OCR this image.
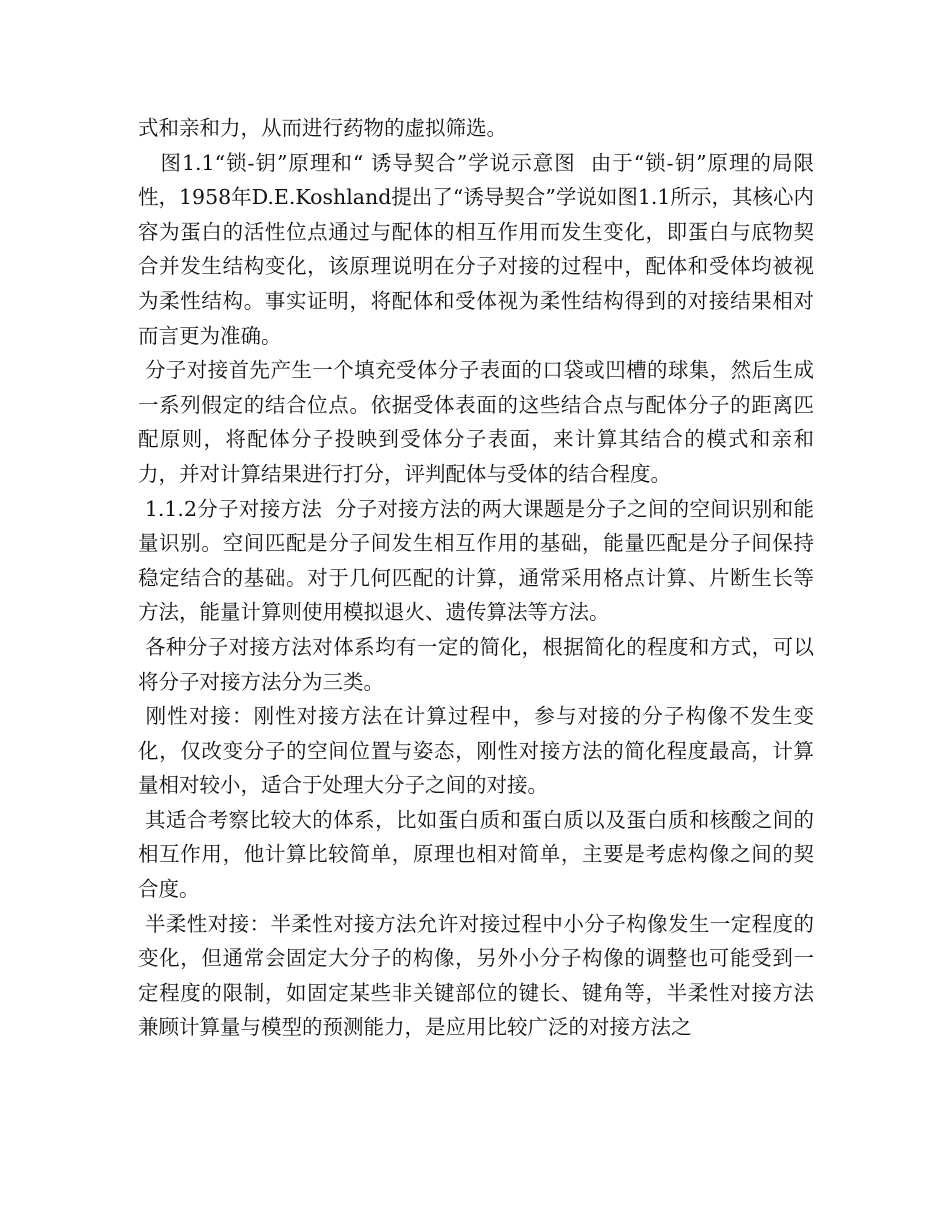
式和亲和力，从而进行药物的虚拟筛选。

图1.1“锁-钥”原理和“ 诱导契合”学说示意图  由于“锁-钥”原理的局限性，1958年D.E.Koshland提出了“诱导契合”学说如图1.1所示，其核心内容为蛋白的活性位点通过与配体的相互作用而发生变化，即蛋白与底物契合并发生结构变化，该原理说明在分子对接的过程中，配体和受体均被视为柔性结构。事实证明，将配体和受体视为柔性结构得到的对接结果相对而言更为准确。

分子对接首先产生一个填充受体分子表面的口袋或凹槽的球集，然后生成一系列假定的结合位点。依据受体表面的这些结合点与配体分子的距离匹配原则，将配体分子投映到受体分子表面，来计算其结合的模式和亲和力，并对计算结果进行打分，评判配体与受体的结合程度。

1.1.2分子对接方法  分子对接方法的两大课题是分子之间的空间识别和能量识别。空间匹配是分子间发生相互作用的基础，能量匹配是分子间保持稳定结合的基础。对于几何匹配的计算，通常采用格点计算、片断生长等方法，能量计算则使用模拟退火、遗传算法等方法。

各种分子对接方法对体系均有一定的简化，根据简化的程度和方式，可以将分子对接方法分为三类。

刚性对接：刚性对接方法在计算过程中，参与对接的分子构像不发生变化，仅改变分子的空间位置与姿态，刚性对接方法的简化程度最高，计算量相对较小，适合于处理大分子之间的对接。

其适合考察比较大的体系，比如蛋白质和蛋白质以及蛋白质和核酸之间的相互作用，他计算比较简单，原理也相对简单，主要是考虑构像之间的契合度。

半柔性对接：半柔性对接方法允许对接过程中小分子构像发生一定程度的变化，但通常会固定大分子的构像，另外小分子构像的调整也可能受到一定程度的限制，如固定某些非关键部位的键长、键角等，半柔性对接方法兼顾计算量与模型的预测能力，是应用比较广泛的对接方法之
